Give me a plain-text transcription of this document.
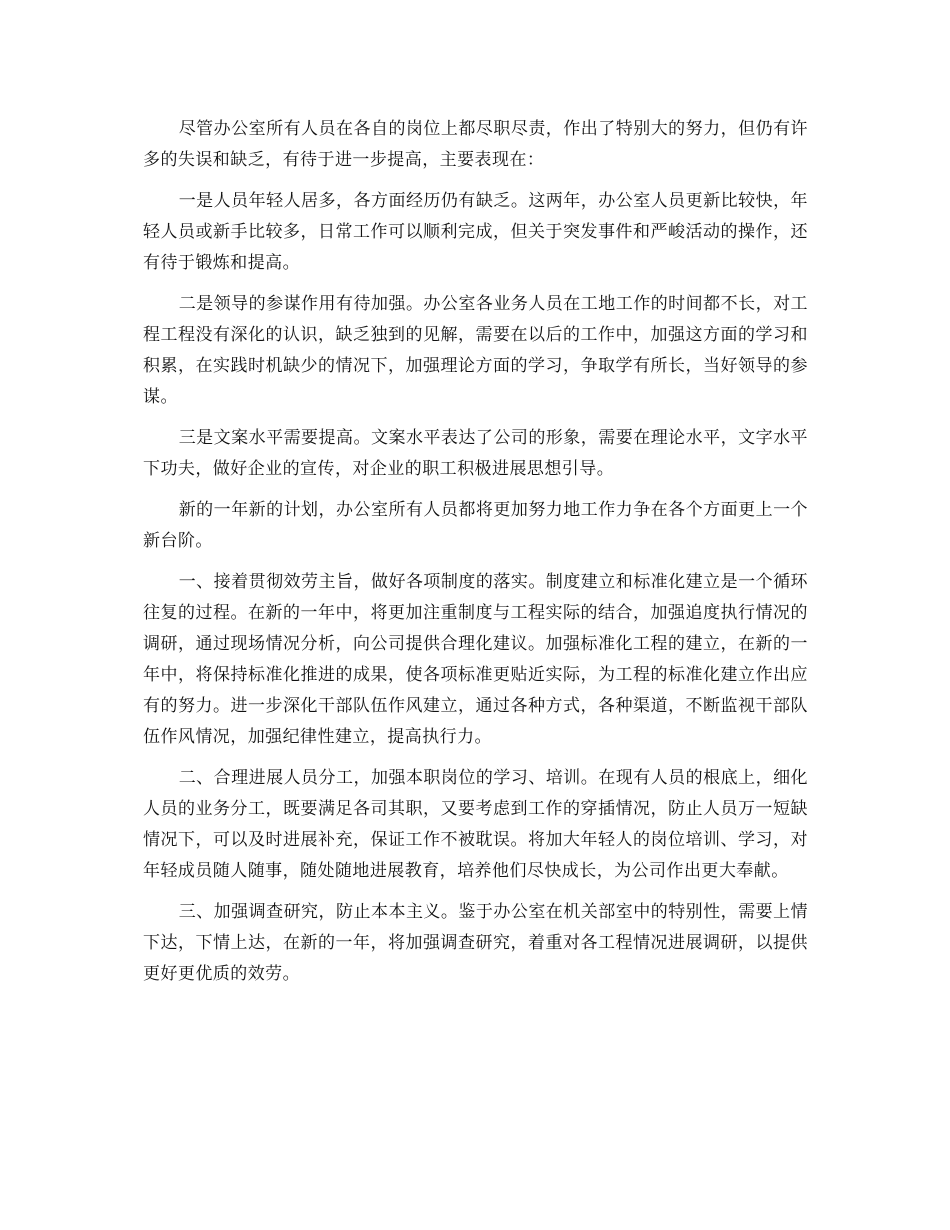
尽管办公室所有人员在各自的岗位上都尽职尽责，作出了特别大的努力，但仍有许多的失误和缺乏，有待于进一步提高，主要表现在：

一是人员年轻人居多，各方面经历仍有缺乏。这两年，办公室人员更新比较快，年轻人员或新手比较多，日常工作可以顺利完成，但关于突发事件和严峻活动的操作，还有待于锻炼和提高。

二是领导的参谋作用有待加强。办公室各业务人员在工地工作的时间都不长，对工程工程没有深化的认识，缺乏独到的见解，需要在以后的工作中，加强这方面的学习和积累，在实践时机缺少的情况下，加强理论方面的学习，争取学有所长，当好领导的参谋。

三是文案水平需要提高。文案水平表达了公司的形象，需要在理论水平，文字水平下功夫，做好企业的宣传，对企业的职工积极进展思想引导。

新的一年新的计划，办公室所有人员都将更加努力地工作力争在各个方面更上一个新台阶。

一、接着贯彻效劳主旨，做好各项制度的落实。制度建立和标准化建立是一个循环往复的过程。在新的一年中，将更加注重制度与工程实际的结合，加强追度执行情况的调研，通过现场情况分析，向公司提供合理化建议。加强标准化工程的建立，在新的一年中，将保持标准化推进的成果，使各项标准更贴近实际，为工程的标准化建立作出应有的努力。进一步深化干部队伍作风建立，通过各种方式，各种渠道，不断监视干部队伍作风情况，加强纪律性建立，提高执行力。

二、合理进展人员分工，加强本职岗位的学习、培训。在现有人员的根底上，细化人员的业务分工，既要满足各司其职，又要考虑到工作的穿插情况，防止人员万一短缺情况下，可以及时进展补充，保证工作不被耽误。将加大年轻人的岗位培训、学习，对年轻成员随人随事，随处随地进展教育，培养他们尽快成长，为公司作出更大奉献。

三、加强调查研究，防止本本主义。鉴于办公室在机关部室中的特别性，需要上情下达，下情上达，在新的一年，将加强调查研究，着重对各工程情况进展调研，以提供更好更优质的效劳。
